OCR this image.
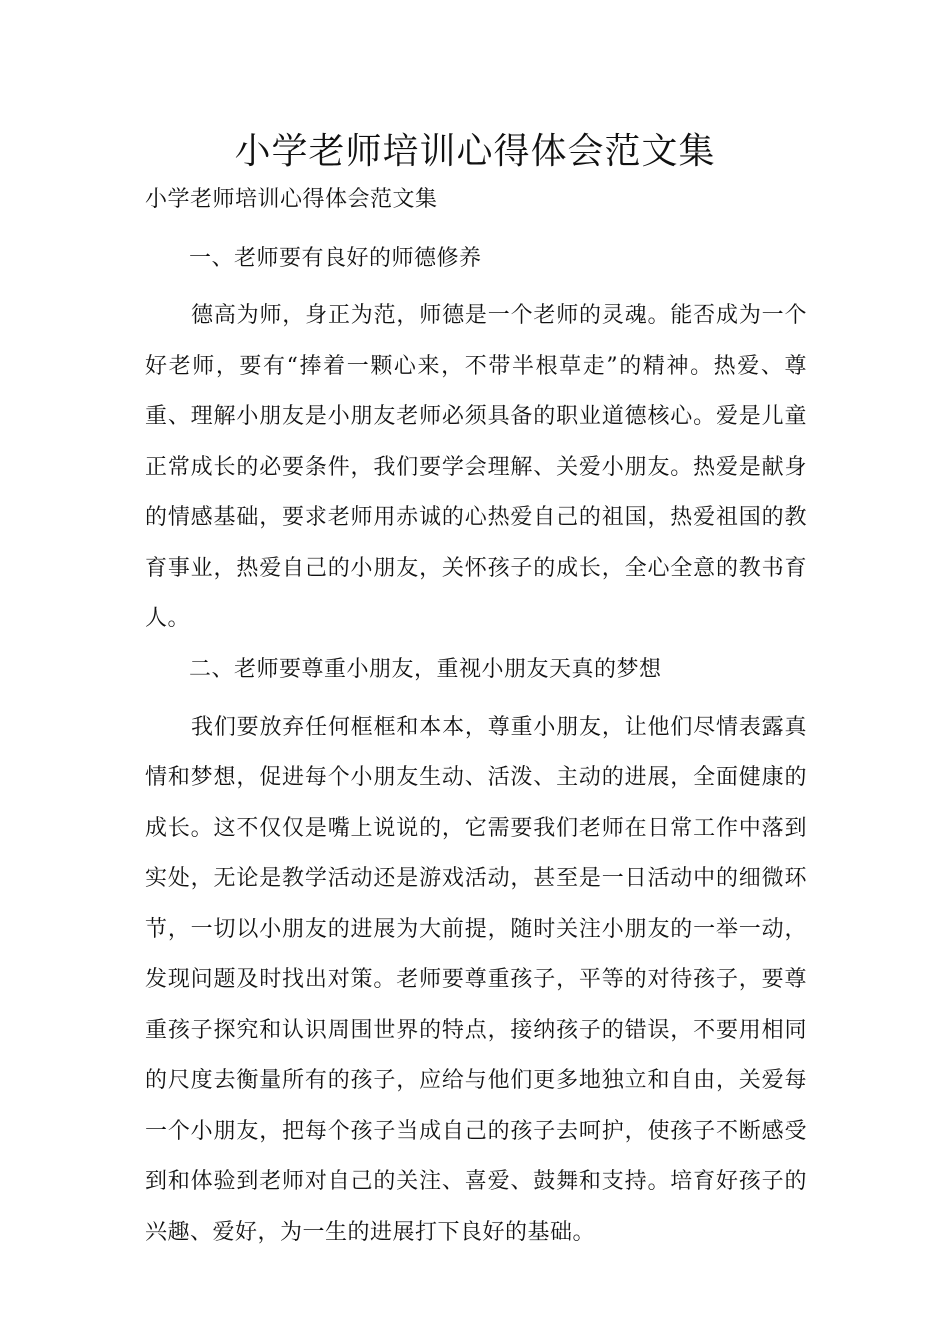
小学老师培训心得体会范文集

小学老师培训心得体会范文集

一、老师要有良好的师德修养

德高为师，身正为范，师德是一个老师的灵魂。能否成为一个好老师，要有“捧着一颗心来，不带半根草走”的精神。热爱、尊重、理解小朋友是小朋友老师必须具备的职业道德核心。爱是儿童正常成长的必要条件，我们要学会理解、关爱小朋友。热爱是献身的情感基础，要求老师用赤诚的心热爱自己的祖国，热爱祖国的教育事业，热爱自己的小朋友，关怀孩子的成长，全心全意的教书育人。

二、老师要尊重小朋友，重视小朋友天真的梦想

我们要放弃任何框框和本本，尊重小朋友，让他们尽情表露真情和梦想，促进每个小朋友生动、活泼、主动的进展，全面健康的成长。这不仅仅是嘴上说说的，它需要我们老师在日常工作中落到实处，无论是教学活动还是游戏活动，甚至是一日活动中的细微环节，一切以小朋友的进展为大前提，随时关注小朋友的一举一动，发现问题及时找出对策。老师要尊重孩子，平等的对待孩子，要尊重孩子探究和认识周围世界的特点，接纳孩子的错误，不要用相同的尺度去衡量所有的孩子，应给与他们更多地独立和自由，关爱每一个小朋友，把每个孩子当成自己的孩子去呵护，使孩子不断感受到和体验到老师对自己的关注、喜爱、鼓舞和支持。培育好孩子的兴趣、爱好，为一生的进展打下良好的基础。
